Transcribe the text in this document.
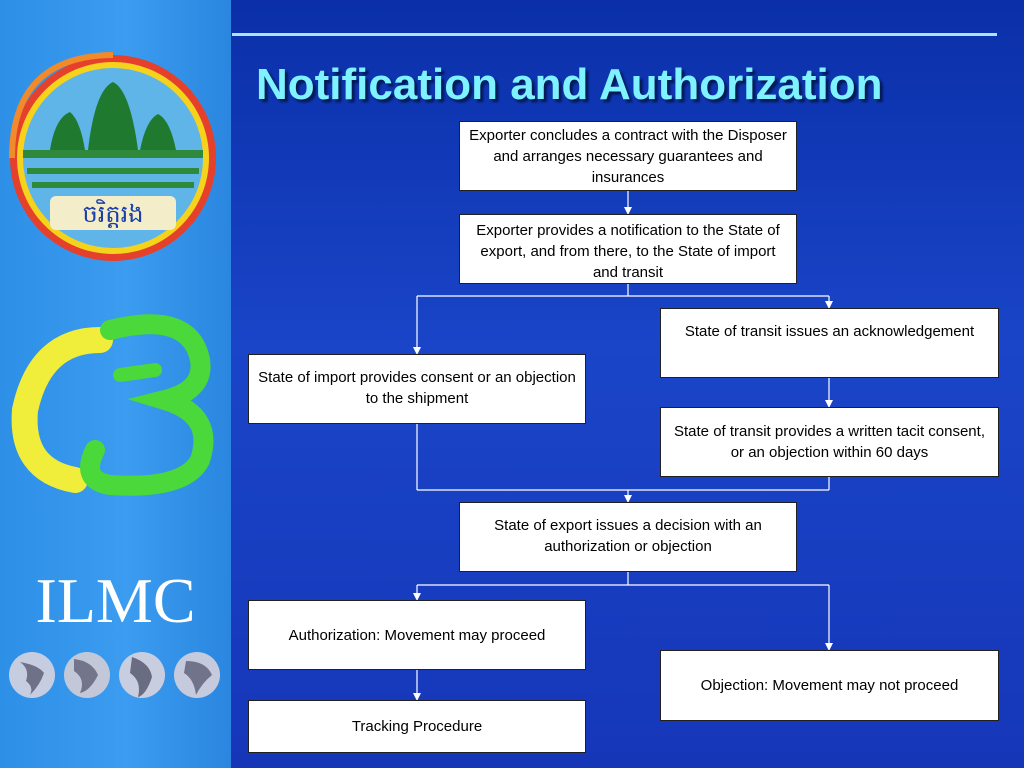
ចរិត្តរង
ILMC
Notification and Authorization
Exporter concludes a contract with the Disposer and arranges necessary guarantees and insurances
Exporter provides a notification to the State of export, and from there, to the State of import and transit
State of transit issues an acknowledgement
State of import provides consent or an objection to the shipment
State of transit provides a written tacit consent, or an objection within 60 days
State of export issues a decision with an authorization or objection
Authorization: Movement may proceed
Objection: Movement may not proceed
Tracking Procedure
